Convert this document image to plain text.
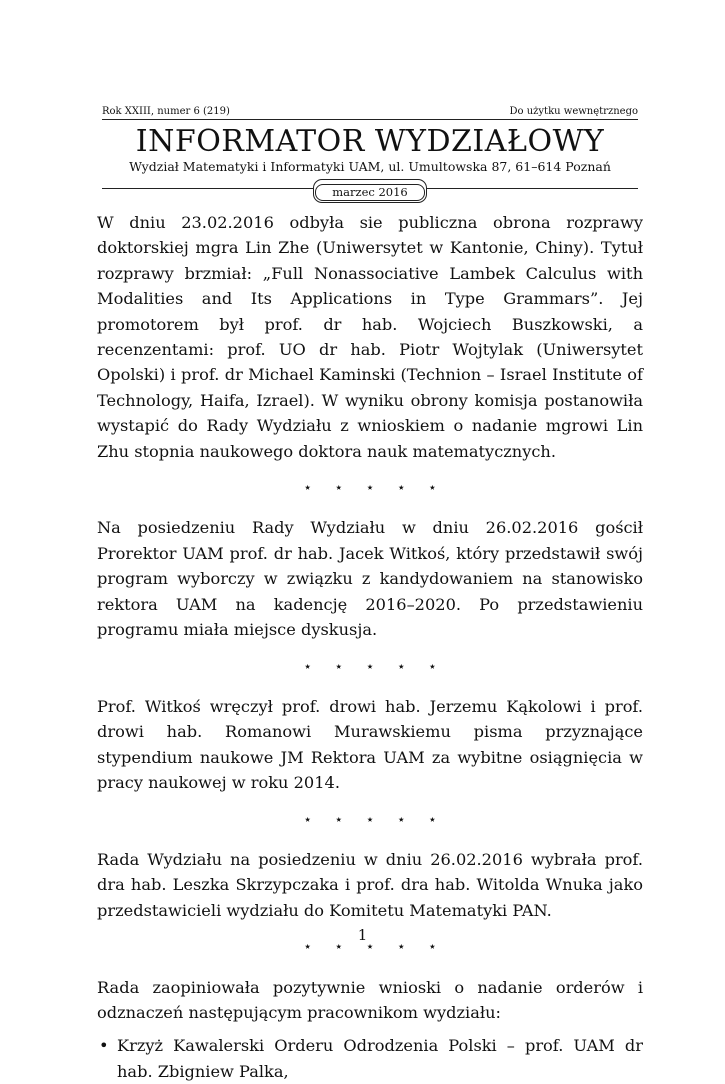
Rok XXIII, numer 6 (219)	Do użytku wewnętrznego
INFORMATOR WYDZIAŁOWY
Wydział Matematyki i Informatyki UAM, ul. Umultowska 87, 61–614 Poznań
marzec 2016

W dniu 23.02.2016 odbyła sie publiczna obrona rozprawy doktorskiej mgra Lin Zhe (Uniwersytet w Kantonie, Chiny). Tytuł rozprawy brzmiał: „Full Nonassociative Lambek Calculus with Modalities and Its Applications in Type Grammars”. Jej promotorem był prof. dr hab. Wojciech Buszkowski, a recenzentami: prof. UO dr hab. Piotr Wojtylak (Uniwersytet Opolski) i prof. dr Michael Kaminski (Technion – Israel Institute of Technology, Haifa, Izrael). W wyniku obrony komisja postanowiła wystapić do Rady Wydziału z wnioskiem o nadanie mgrowi Lin Zhu stopnia naukowego doktora nauk matematycznych.

⋆ ⋆ ⋆ ⋆ ⋆

Na posiedzeniu Rady Wydziału w dniu 26.02.2016 gościł Prorektor UAM prof. dr hab. Jacek Witkoś, który przedstawił swój program wyborczy w związku z kandydowaniem na stanowisko rektora UAM na kadencję 2016–2020. Po przedstawieniu programu miała miejsce dyskusja.

⋆ ⋆ ⋆ ⋆ ⋆

Prof. Witkoś wręczył prof. drowi hab. Jerzemu Kąkolowi i prof. drowi hab. Romanowi Murawskiemu pisma przyznające stypendium naukowe JM Rektora UAM za wybitne osiągnięcia w pracy naukowej w roku 2014.

⋆ ⋆ ⋆ ⋆ ⋆

Rada Wydziału na posiedzeniu w dniu 26.02.2016 wybrała prof. dra hab. Leszka Skrzypczaka i prof. dra hab. Witolda Wnuka jako przedstawicieli wydziału do Komitetu Matematyki PAN.

⋆ ⋆ ⋆ ⋆ ⋆

Rada zaopiniowała pozytywnie wnioski o nadanie orderów i odznaczeń następującym pracownikom wydziału:

• Krzyż Kawalerski Orderu Odrodzenia Polski – prof. UAM dr hab. Zbigniew Palka,
1
